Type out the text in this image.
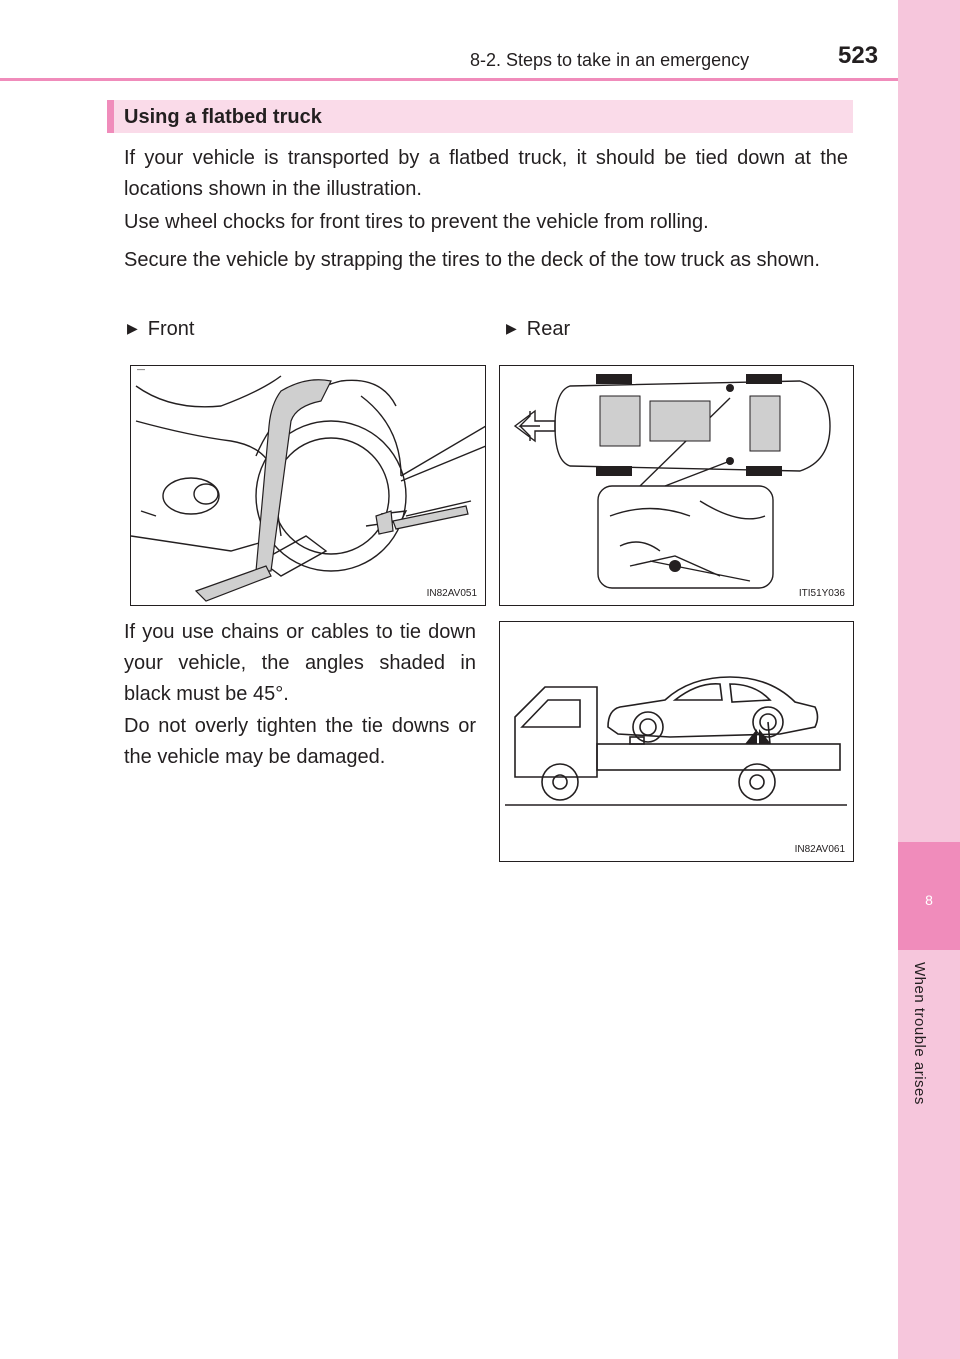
8
When trouble arises
8-2. Steps to take in an emergency	523
Using a flatbed truck
If your vehicle is transported by a flatbed truck, it should be tied down at the locations shown in the illustration.
Use wheel chocks for front tires to prevent the vehicle from rolling.
Secure the vehicle by strapping the tires to the deck of the tow truck as shown.
▶ Front	▶ Rear
—
IN82AV051	ITI51Y036
If you use chains or cables to tie down your vehicle, the angles shaded in black must be 45°.
Do not overly tighten the tie downs or the vehicle may be damaged.
IN82AV061
